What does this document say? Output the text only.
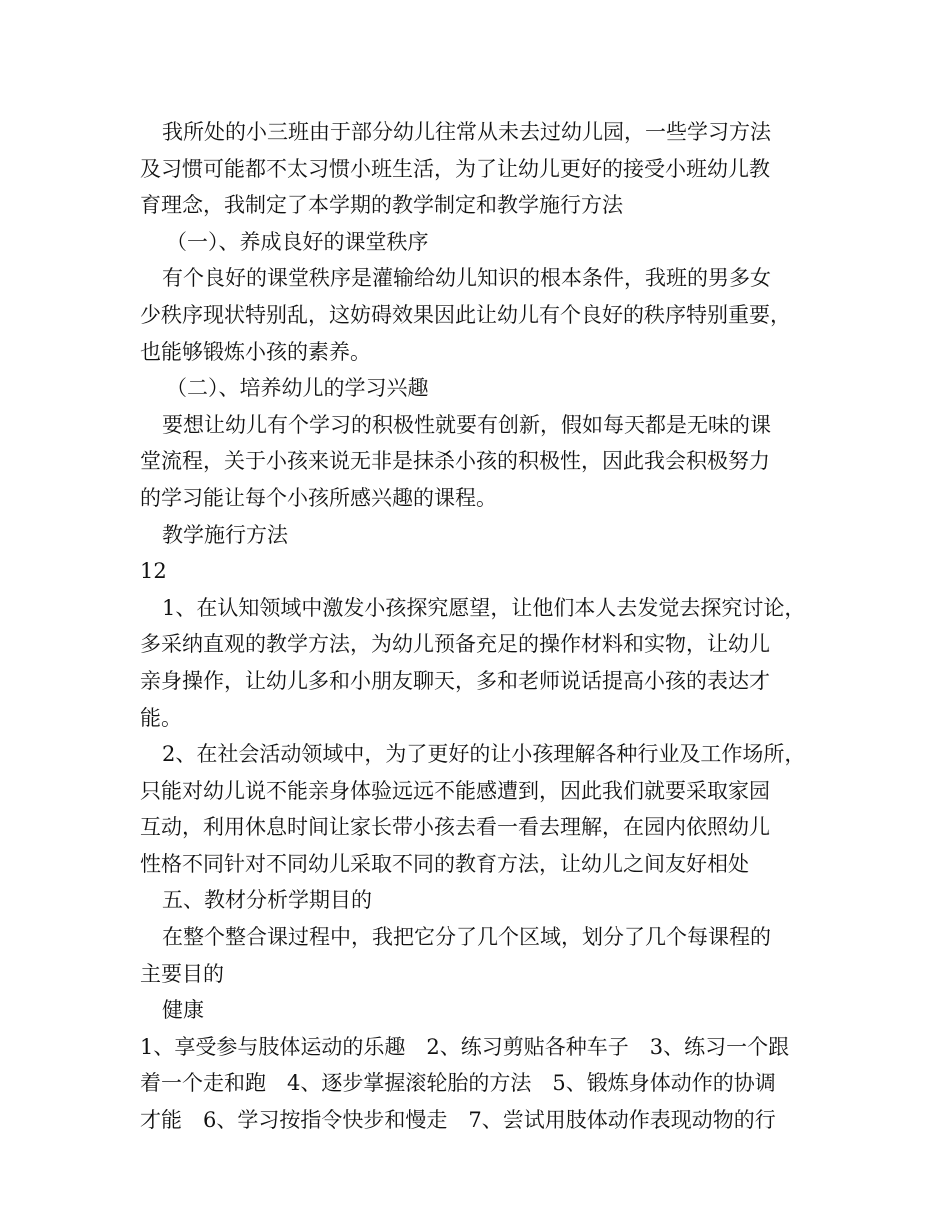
我所处的小三班由于部分幼儿往常从未去过幼儿园，一些学习方法
及习惯可能都不太习惯小班生活，为了让幼儿更好的接受小班幼儿教
育理念，我制定了本学期的教学制定和教学施行方法
（一）、养成良好的课堂秩序
有个良好的课堂秩序是灌输给幼儿知识的根本条件，我班的男多女
少秩序现状特别乱，这妨碍效果因此让幼儿有个良好的秩序特别重要，
也能够锻炼小孩的素养。
（二）、培养幼儿的学习兴趣
要想让幼儿有个学习的积极性就要有创新，假如每天都是无味的课
堂流程，关于小孩来说无非是抹杀小孩的积极性，因此我会积极努力
的学习能让每个小孩所感兴趣的课程。
教学施行方法
12
1、在认知领域中激发小孩探究愿望，让他们本人去发觉去探究讨论，
多采纳直观的教学方法，为幼儿预备充足的操作材料和实物，让幼儿
亲身操作，让幼儿多和小朋友聊天，多和老师说话提高小孩的表达才
能。
2、在社会活动领域中，为了更好的让小孩理解各种行业及工作场所，
只能对幼儿说不能亲身体验远远不能感遭到，因此我们就要采取家园
互动，利用休息时间让家长带小孩去看一看去理解，在园内依照幼儿
性格不同针对不同幼儿采取不同的教育方法，让幼儿之间友好相处
五、教材分析学期目的
在整个整合课过程中，我把它分了几个区域，划分了几个每课程的
主要目的
健康
1、享受参与肢体运动的乐趣　2、练习剪贴各种车子　3、练习一个跟
着一个走和跑　4、逐步掌握滚轮胎的方法　5、锻炼身体动作的协调
才能　6、学习按指令快步和慢走　7、尝试用肢体动作表现动物的行
